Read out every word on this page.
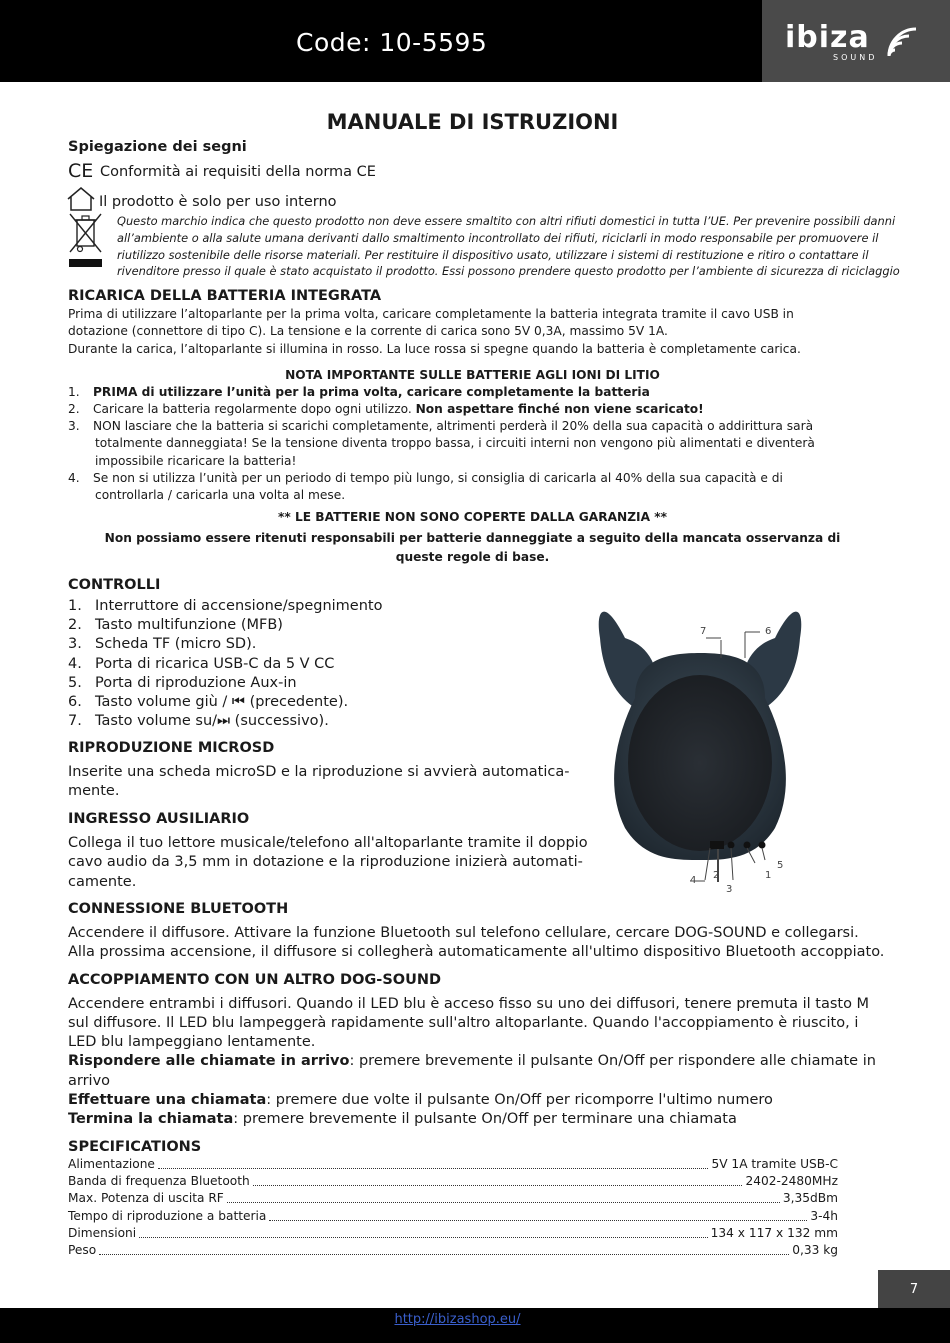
Code: 10-5595	ibiza
SOUND
MANUALE DI ISTRUZIONI
Spiegazione dei segni
CE Conformità ai requisiti della norma CE
Il prodotto è solo per uso interno
Questo marchio indica che questo prodotto non deve essere smaltito con altri rifiuti domestici in tutta l’UE. Per prevenire possibili danni
all’ambiente o alla salute umana derivanti dallo smaltimento incontrollato dei rifiuti, riciclarli in modo responsabile per promuovere il
riutilizzo sostenibile delle risorse materiali. Per restituire il dispositivo usato, utilizzare i sistemi di restituzione e ritiro o contattare il
rivenditore presso il quale è stato acquistato il prodotto. Essi possono prendere questo prodotto per l’ambiente di sicurezza di riciclaggio
RICARICA DELLA BATTERIA INTEGRATA
Prima di utilizzare l’altoparlante per la prima volta, caricare completamente la batteria integrata tramite il cavo USB in
dotazione (connettore di tipo C). La tensione e la corrente di carica sono 5V 0,3A, massimo 5V 1A.
Durante la carica, l’altoparlante si illumina in rosso. La luce rossa si spegne quando la batteria è completamente carica.
NOTA IMPORTANTE SULLE BATTERIE AGLI IONI DI LITIO
1. PRIMA di utilizzare l’unità per la prima volta, caricare completamente la batteria
2. Caricare la batteria regolarmente dopo ogni utilizzo. Non aspettare finché non viene scaricato!
3. NON lasciare che la batteria si scarichi completamente, altrimenti perderà il 20% della sua capacità o addirittura sarà
totalmente danneggiata! Se la tensione diventa troppo bassa, i circuiti interni non vengono più alimentati e diventerà
impossibile ricaricare la batteria!
4. Se non si utilizza l’unità per un periodo di tempo più lungo, si consiglia di caricarla al 40% della sua capacità e di
controllarla / caricarla una volta al mese.
** LE BATTERIE NON SONO COPERTE DALLA GARANZIA **
Non possiamo essere ritenuti responsabili per batterie danneggiate a seguito della mancata osservanza di
queste regole di base.
CONTROLLI
1. Interruttore di accensione/spegnimento
2. Tasto multifunzione (MFB)
3. Scheda TF (micro SD).
4. Porta di ricarica USB-C da 5 V CC
5. Porta di riproduzione Aux-in
6. Tasto volume giù / ⏮ (precedente).
7. Tasto volume su/⏭ (successivo).
7	6
5
1
2
4
3
RIPRODUZIONE MICROSD
Inserite una scheda microSD e la riproduzione si avvierà automatica-
mente.
INGRESSO AUSILIARIO
Collega il tuo lettore musicale/telefono all'altoparlante tramite il doppio
cavo audio da 3,5 mm in dotazione e la riproduzione inizierà automati-
camente.
CONNESSIONE BLUETOOTH
Accendere il diffusore. Attivare la funzione Bluetooth sul telefono cellulare, cercare DOG-SOUND e collegarsi.
Alla prossima accensione, il diffusore si collegherà automaticamente all'ultimo dispositivo Bluetooth accoppiato.
ACCOPPIAMENTO CON UN ALTRO DOG-SOUND
Accendere entrambi i diffusori. Quando il LED blu è acceso fisso su uno dei diffusori, tenere premuta il tasto M
sul diffusore. Il LED blu lampeggerà rapidamente sull'altro altoparlante. Quando l'accoppiamento è riuscito, i
LED blu lampeggiano lentamente.
Rispondere alle chiamate in arrivo: premere brevemente il pulsante On/Off per rispondere alle chiamate in
arrivo
Effettuare una chiamata: premere due volte il pulsante On/Off per ricomporre l'ultimo numero
Termina la chiamata: premere brevemente il pulsante On/Off per terminare una chiamata
SPECIFICATIONS
Alimentazione	5V 1A tramite USB-C
Banda di frequenza Bluetooth	2402-2480MHz
Max. Potenza di uscita RF	3,35dBm
Tempo di riproduzione a batteria	3-4h
Dimensioni	134 x 117 x 132 mm
Peso	0,33 kg
7
http://ibizashop.eu/
